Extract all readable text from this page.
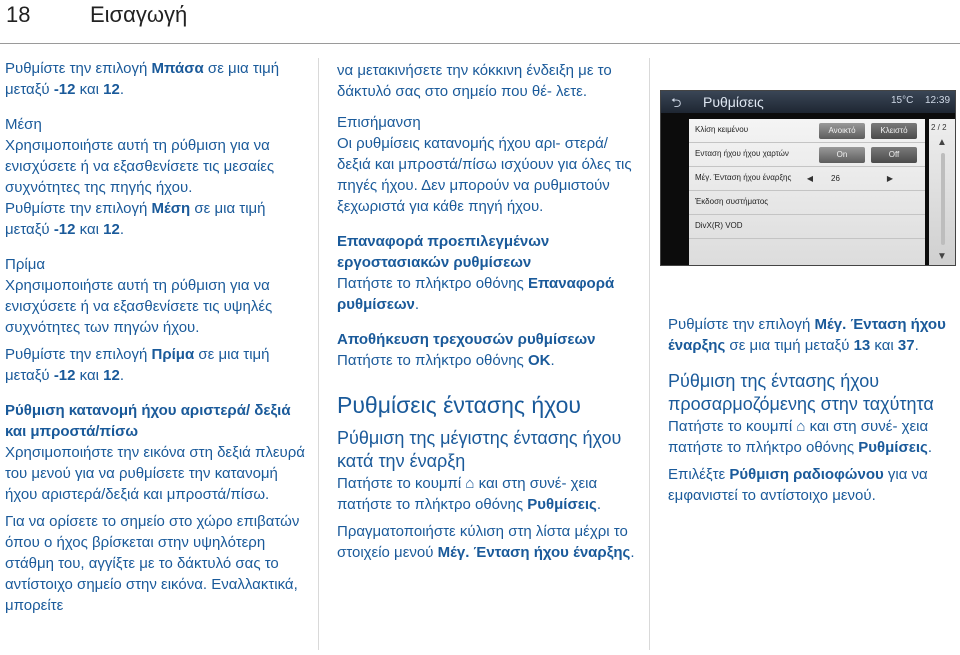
18	Εισαγωγή

Ρυθμίστε την επιλογή Μπάσα σε μια τιμή μεταξύ -12 και 12.

Μέση

Χρησιμοποιήστε αυτή τη ρύθμιση για να ενισχύσετε ή να εξασθενίσετε τις μεσαίες συχνότητες της πηγής ήχου.

Ρυθμίστε την επιλογή Μέση σε μια τιμή μεταξύ -12 και 12.

Πρίμα

Χρησιμοποιήστε αυτή τη ρύθμιση για να ενισχύσετε ή να εξασθενίσετε τις υψηλές συχνότητες των πηγών ήχου.

Ρυθμίστε την επιλογή Πρίμα σε μια τιμή μεταξύ -12 και 12.

Ρύθμιση κατανομή ήχου αριστερά/ δεξιά και μπροστά/πίσω

Χρησιμοποιήστε την εικόνα στη δεξιά πλευρά του μενού για να ρυθμίσετε την κατανομή ήχου αριστερά/δεξιά και μπροστά/πίσω.

Για να ορίσετε το σημείο στο χώρο επιβατών όπου ο ήχος βρίσκεται στην υψηλότερη στάθμη του, αγγίξτε με το δάκτυλό σας το αντίστοιχο σημείο στην εικόνα. Εναλλακτικά, μπορείτε

να μετακινήσετε την κόκκινη ένδειξη με το δάκτυλό σας στο σημείο που θέ- λετε.

Επισήμανση

Οι ρυθμίσεις κατανομής ήχου αρι- στερά/δεξιά και μπροστά/πίσω ισχύουν για όλες τις πηγές ήχου. Δεν μπορούν να ρυθμιστούν ξεχωριστά για κάθε πηγή ήχου.

Επαναφορά προεπιλεγμένων εργοστασιακών ρυθμίσεων

Πατήστε το πλήκτρο οθόνης Επαναφορά ρυθμίσεων.

Αποθήκευση τρεχουσών ρυθμίσεων

Πατήστε το πλήκτρο οθόνης OK.

Ρυθμίσεις έντασης ήχου

Ρύθμιση της μέγιστης έντασης ήχου κατά την έναρξη

Πατήστε το κουμπί ⌂ και στη συνέ- χεια πατήστε το πλήκτρο οθόνης Ρυθμίσεις.

Πραγματοποιήστε κύλιση στη λίστα μέχρι το στοιχείο μενού Μέγ. Ένταση ήχου έναρξης.

⮌ Ρυθμίσεις	15°C 12:39
Κλίση κειμένου	Ανοικτό	Κλειστό
Ενταση ήχου ήχου χαρτών	On	Off
Μέγ. Ένταση ήχου έναρξης	◀	26	▶
Έκδοση συστήματος
DivX(R) VOD
2 / 2
▲
▼

Ρυθμίστε την επιλογή Μέγ. Ένταση ήχου έναρξης σε μια τιμή μεταξύ 13 και 37.

Ρύθμιση της έντασης ήχου προσαρμοζόμενης στην ταχύτητα

Πατήστε το κουμπί ⌂ και στη συνέ- χεια πατήστε το πλήκτρο οθόνης Ρυθμίσεις.

Επιλέξτε Ρύθμιση ραδιοφώνου για να εμφανιστεί το αντίστοιχο μενού.
